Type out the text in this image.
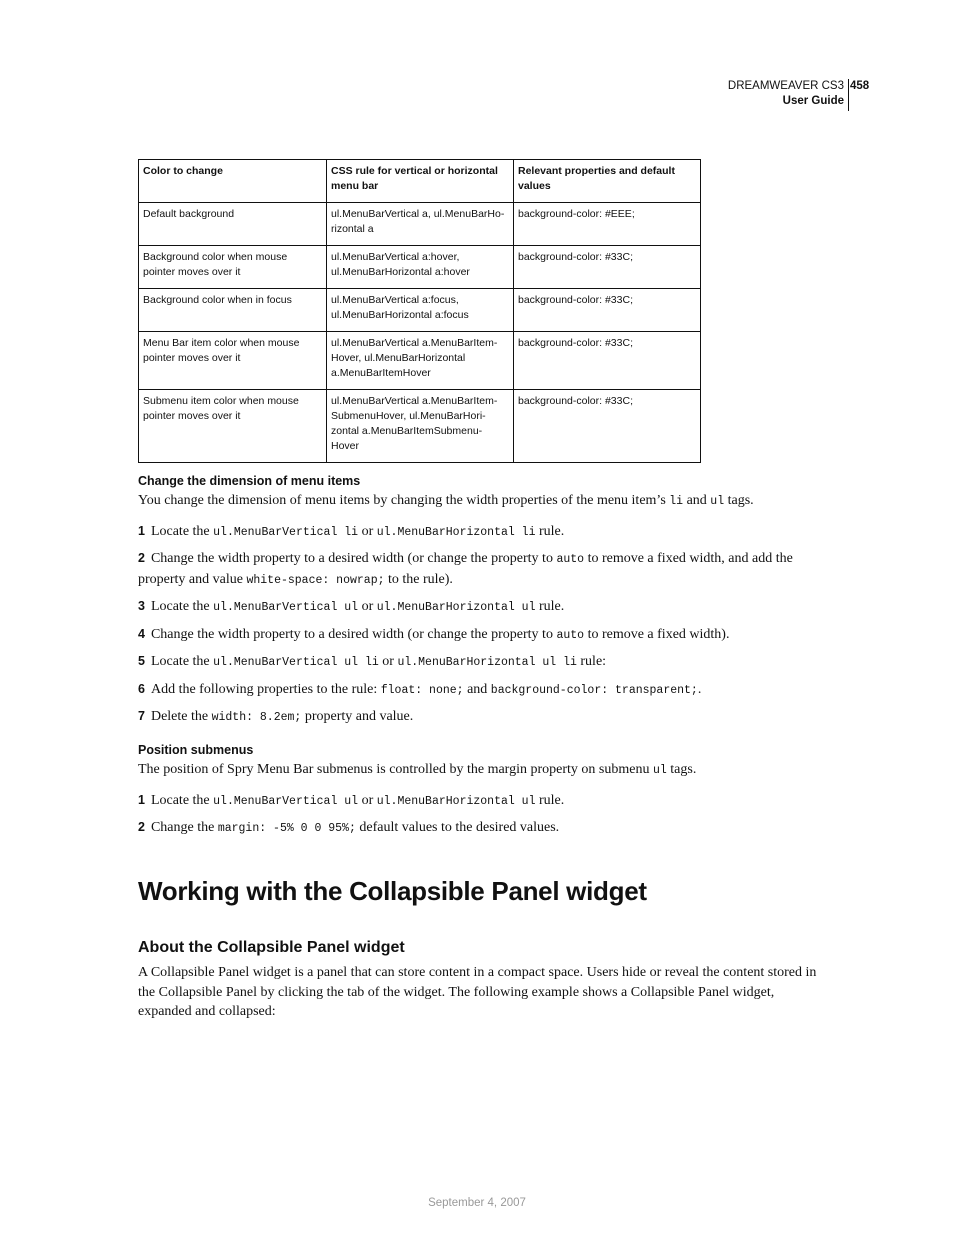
DREAMWEAVER CS3
User Guide
458
Color to change	CSS rule for vertical or horizontal menu bar	Relevant properties and default values
Default background	ul.MenuBarVertical a, ul.MenuBarHo-rizontal a	background-color: #EEE;
Background color when mouse pointer moves over it	ul.MenuBarVertical a:hover, ul.MenuBarHorizontal a:hover	background-color: #33C;
Background color when in focus	ul.MenuBarVertical a:focus, ul.MenuBarHorizontal a:focus	background-color: #33C;
Menu Bar item color when mouse pointer moves over it	ul.MenuBarVertical a.MenuBarItem-Hover, ul.MenuBarHorizontal a.MenuBarItemHover	background-color: #33C;
Submenu item color when mouse pointer moves over it	ul.MenuBarVertical a.MenuBarItem-SubmenuHover, ul.MenuBarHori-zontal a.MenuBarItemSubmenu-Hover	background-color: #33C;
Change the dimension of menu items

You change the dimension of menu items by changing the width properties of the menu item’s li and ul tags.

1 Locate the ul.MenuBarVertical li or ul.MenuBarHorizontal li rule.

2 Change the width property to a desired width (or change the property to auto to remove a fixed width, and add the property and value white-space: nowrap; to the rule).

3 Locate the ul.MenuBarVertical ul or ul.MenuBarHorizontal ul rule.

4 Change the width property to a desired width (or change the property to auto to remove a fixed width).

5 Locate the ul.MenuBarVertical ul li or ul.MenuBarHorizontal ul li rule:

6 Add the following properties to the rule: float: none; and background-color: transparent;.

7 Delete the width: 8.2em; property and value.

Position submenus

The position of Spry Menu Bar submenus is controlled by the margin property on submenu ul tags.

1 Locate the ul.MenuBarVertical ul or ul.MenuBarHorizontal ul rule.

2 Change the margin: -5% 0 0 95%; default values to the desired values.

Working with the Collapsible Panel widget
About the Collapsible Panel widget

A Collapsible Panel widget is a panel that can store content in a compact space. Users hide or reveal the content stored in the Collapsible Panel by clicking the tab of the widget. The following example shows a Collapsible Panel widget, expanded and collapsed:

September 4, 2007
